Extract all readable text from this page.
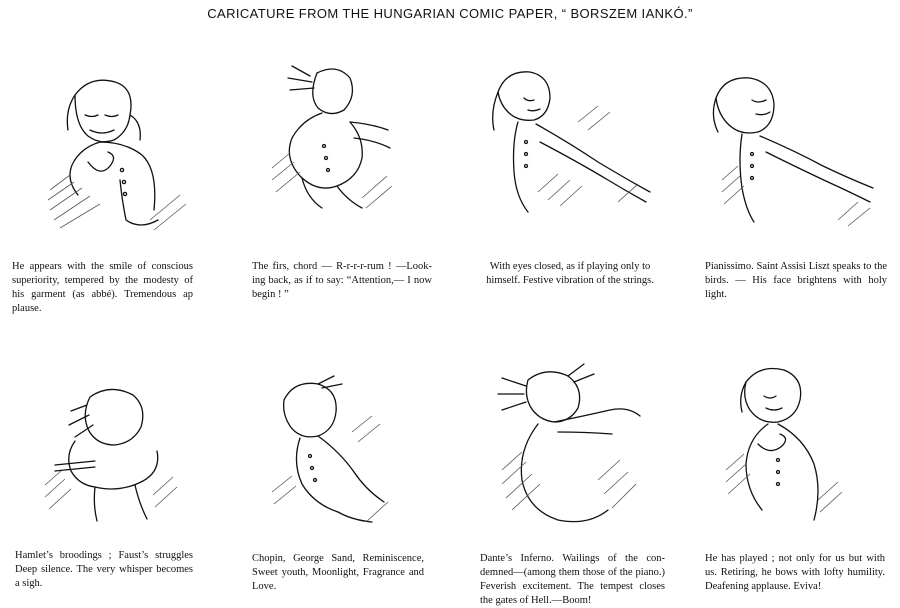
CARICATURE FROM THE HUNGARIAN COMIC PAPER, “ BORSZEM IANKÓ.”
He appears with the smile of conscious superiority, tempered by the modesty of his garment (as abbé). Tremendous ap plause.
The firs, chord — R-r-r-r-rum ! —Look- ing back, as if to say: “Attention,— I now begin ! ”
With eyes closed, as if playing only to himself. Festive vibration of the strings.
Pianissimo. Saint Assisi Liszt speaks to the birds. — His face brightens with holy light.
Hamlet’s broodings ; Faust’s struggles Deep silence. The very whisper becomes a sigh.
Chopin, George Sand, Reminiscence, Sweet youth, Moonlight, Fragrance and Love.
Dante’s Inferno. Wailings of the con- demned—(among them those of the piano.) Feverish excitement. The tempest closes the gates of Hell.—Boom!
He has played ; not only for us but with us. Retiring, he bows with lofty humility. Deafening applause. Eviva!
